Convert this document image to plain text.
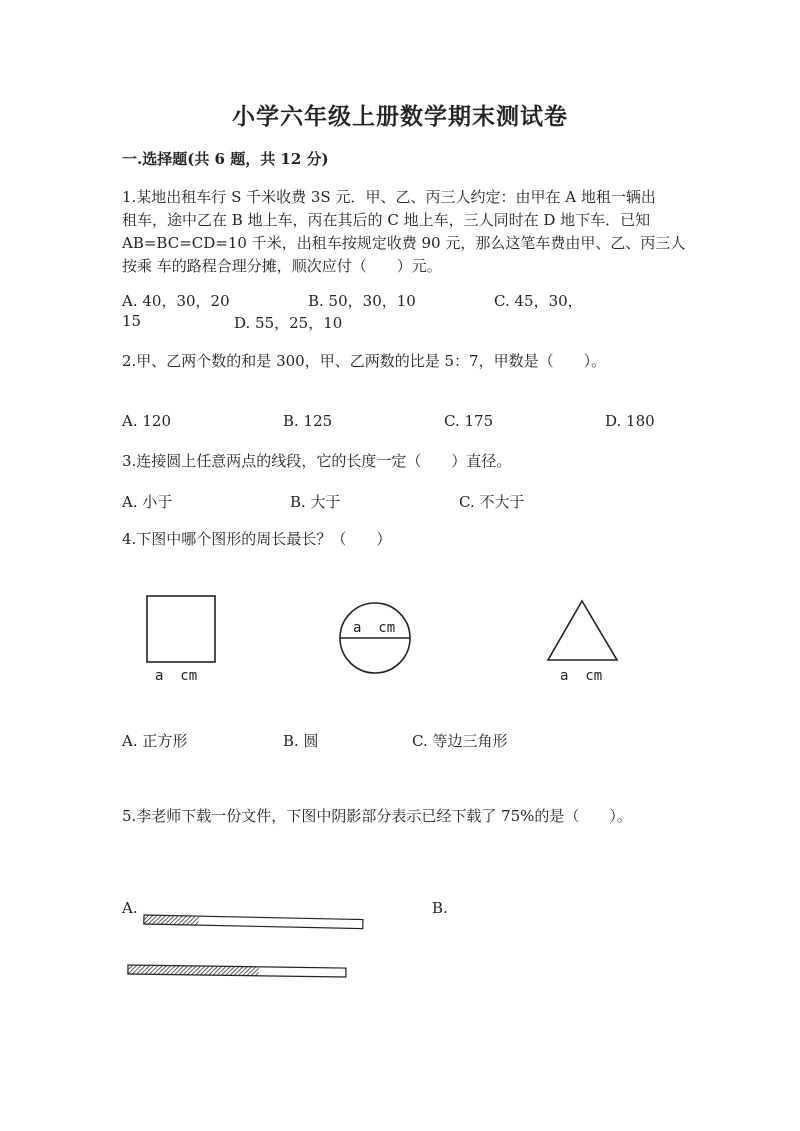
小学六年级上册数学期末测试卷
一.选择题(共 6 题，共 12 分)
1.某地出租车行 S 千米收费 3S 元．甲、乙、丙三人约定：由甲在 A 地租一辆出
租车，途中乙在 B 地上车，丙在其后的 C 地上车，三人同时在 D 地下车．已知
AB=BC=CD=10 千米，出租车按规定收费 90 元，那么这笔车费由甲、乙、丙三人
按乘 车的路程合理分摊，顺次应付（　　）元。
A. 40，30，20	B. 50，30，10	C. 45，30，
15	D. 55，25，10
2.甲、乙两个数的和是 300，甲、乙两数的比是 5：7，甲数是（　　）。
A. 120	B. 125	C. 175	D. 180
3.连接圆上任意两点的线段，它的长度一定（　　）直径。
A. 小于	B. 大于	C. 不大于
4.下图中哪个图形的周长最长？（　　）
a  cm
a  cm
a  cm
A. 正方形	B. 圆	C. 等边三角形
5.李老师下载一份文件，下图中阴影部分表示已经下载了 75%的是（　　）。
A.	B.
